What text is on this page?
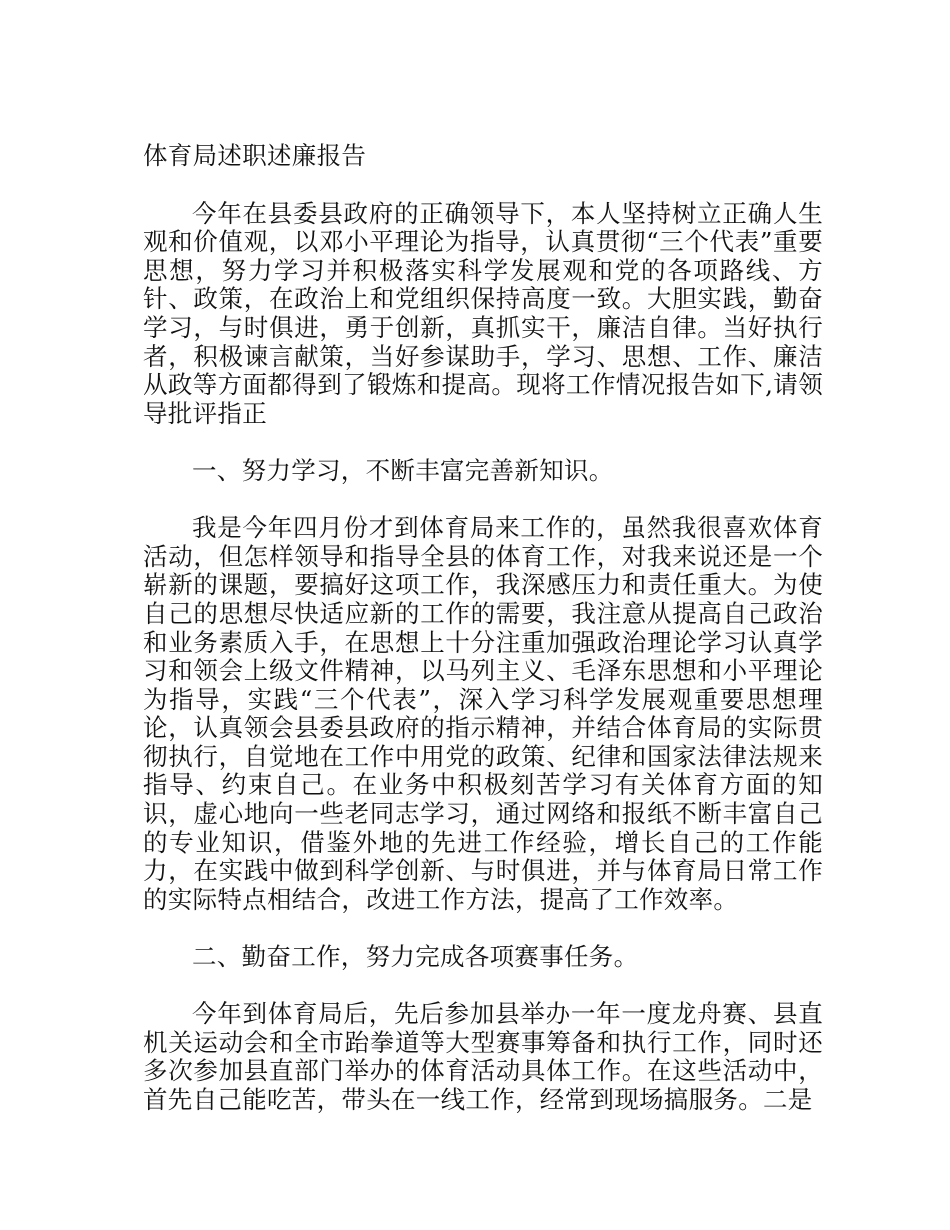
体育局述职述廉报告

今年在县委县政府的正确领导下，本人坚持树立正确人生观和价值观，以邓小平理论为指导，认真贯彻“三个代表”重要思想，努力学习并积极落实科学发展观和党的各项路线、方针、政策，在政治上和党组织保持高度一致。大胆实践，勤奋学习，与时俱进，勇于创新，真抓实干，廉洁自律。当好执行者，积极谏言献策，当好参谋助手，学习、思想、工作、廉洁从政等方面都得到了锻炼和提高。现将工作情况报告如下,请领导批评指正

一、努力学习，不断丰富完善新知识。

我是今年四月份才到体育局来工作的，虽然我很喜欢体育活动，但怎样领导和指导全县的体育工作，对我来说还是一个崭新的课题，要搞好这项工作，我深感压力和责任重大。为使自己的思想尽快适应新的工作的需要，我注意从提高自己政治和业务素质入手，在思想上十分注重加强政治理论学习认真学习和领会上级文件精神，以马列主义、毛泽东思想和小平理论为指导，实践“三个代表”，深入学习科学发展观重要思想理论，认真领会县委县政府的指示精神，并结合体育局的实际贯彻执行，自觉地在工作中用党的政策、纪律和国家法律法规来指导、约束自己。在业务中积极刻苦学习有关体育方面的知识，虚心地向一些老同志学习，通过网络和报纸不断丰富自己的专业知识，借鉴外地的先进工作经验，增长自己的工作能力，在实践中做到科学创新、与时俱进，并与体育局日常工作的实际特点相结合，改进工作方法，提高了工作效率。

二、勤奋工作，努力完成各项赛事任务。

今年到体育局后，先后参加县举办一年一度龙舟赛、县直机关运动会和全市跆拳道等大型赛事筹备和执行工作，同时还多次参加县直部门举办的体育活动具体工作。在这些活动中，首先自己能吃苦，带头在一线工作，经常到现场搞服务。二是
